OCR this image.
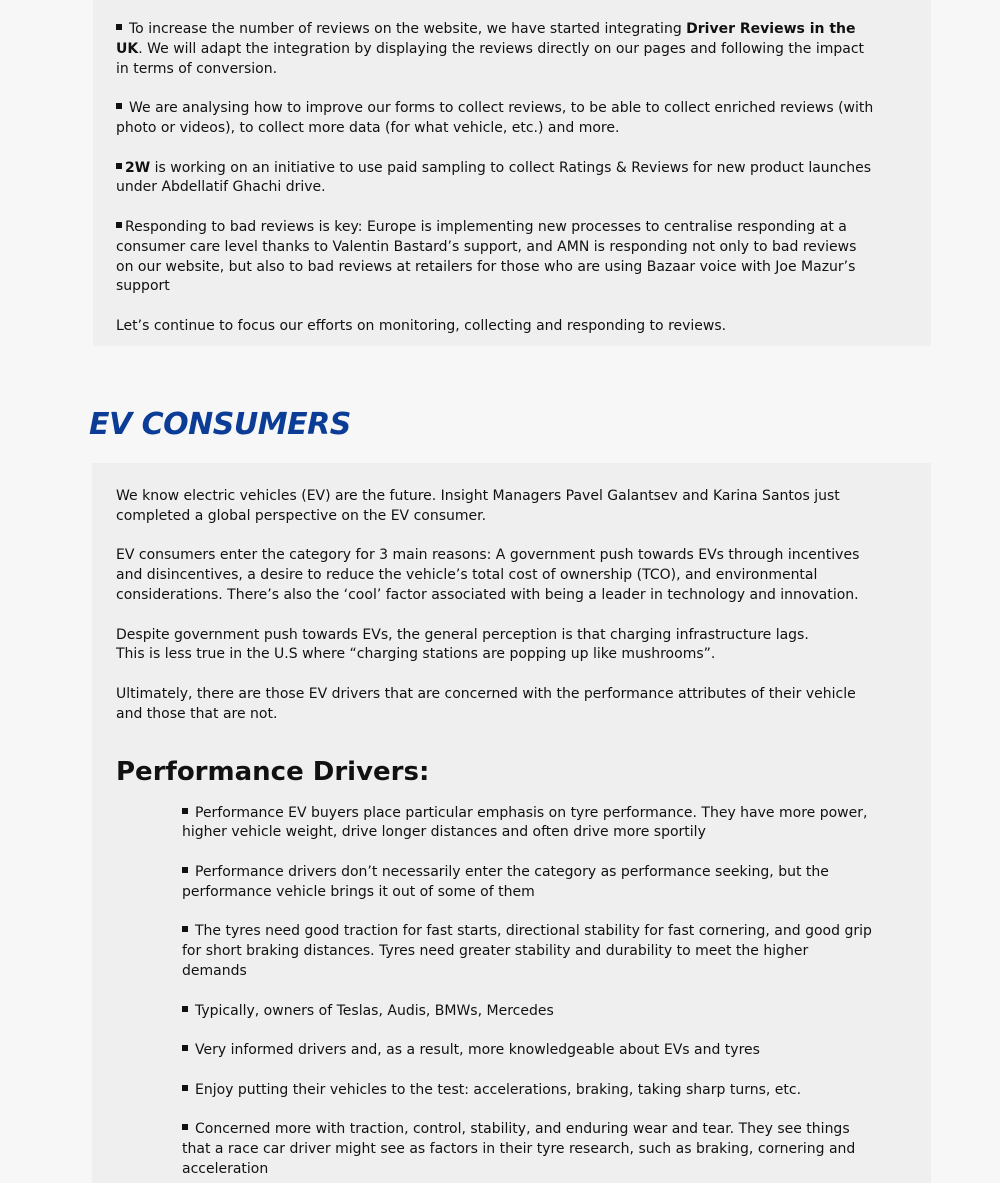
To increase the number of reviews on the website, we have started integrating Driver Reviews in the UK. We will adapt the integration by displaying the reviews directly on our pages and following the impact in terms of conversion.

We are analysing how to improve our forms to collect reviews, to be able to collect enriched reviews (with photo or videos), to collect more data (for what vehicle, etc.) and more.

2W is working on an initiative to use paid sampling to collect Ratings & Reviews for new product launches under Abdellatif Ghachi drive.

Responding to bad reviews is key: Europe is implementing new processes to centralise responding at a consumer care level thanks to Valentin Bastard’s support, and AMN is responding not only to bad reviews on our website, but also to bad reviews at retailers for those who are using Bazaar voice with Joe Mazur’s support

Let’s continue to focus our efforts on monitoring, collecting and responding to reviews.

EV CONSUMERS

We know electric vehicles (EV) are the future. Insight Managers Pavel Galantsev and Karina Santos just completed a global perspective on the EV consumer.

EV consumers enter the category for 3 main reasons: A government push towards EVs through incentives and disincentives, a desire to reduce the vehicle’s total cost of ownership (TCO), and environmental considerations. There’s also the ‘cool’ factor associated with being a leader in technology and innovation.

Despite government push towards EVs, the general perception is that charging infrastructure lags.
This is less true in the U.S where “charging stations are popping up like mushrooms”.

Ultimately, there are those EV drivers that are concerned with the performance attributes of their vehicle and those that are not.

Performance Drivers:
Performance EV buyers place particular emphasis on tyre performance. They have more power, higher vehicle weight, drive longer distances and often drive more sportily
Performance drivers don’t necessarily enter the category as performance seeking, but the performance vehicle brings it out of some of them
The tyres need good traction for fast starts, directional stability for fast cornering, and good grip for short braking distances. Tyres need greater stability and durability to meet the higher demands
Typically, owners of Teslas, Audis, BMWs, Mercedes
Very informed drivers and, as a result, more knowledgeable about EVs and tyres
Enjoy putting their vehicles to the test: accelerations, braking, taking sharp turns, etc.
Concerned more with traction, control, stability, and enduring wear and tear. They see things that a race car driver might see as factors in their tyre research, such as braking, cornering and acceleration
